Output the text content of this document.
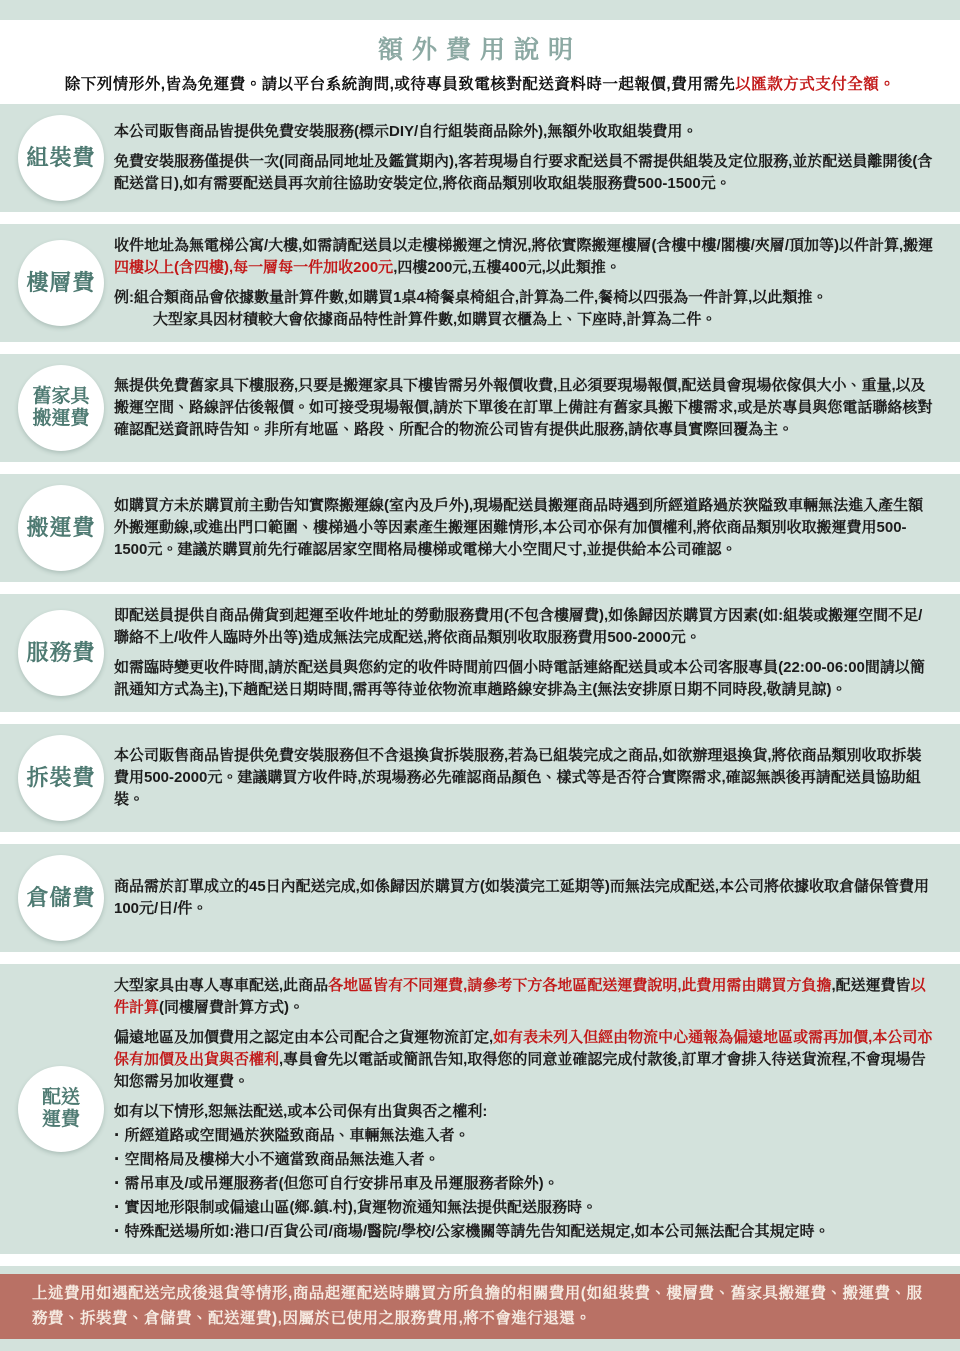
額外費用說明
除下列情形外,皆為免運費。請以平台系統詢問,或待專員致電核對配送資料時一起報價,費用需先以匯款方式支付全額。
組裝費

本公司販售商品皆提供免費安裝服務(標示DIY/自行組裝商品除外),無額外收取組裝費用。

免費安裝服務僅提供一次(同商品同地址及鑑賞期內),客若現場自行要求配送員不需提供組裝及定位服務,並於配送員離開後(含配送當日),如有需要配送員再次前往協助安裝定位,將依商品類別收取組裝服務費500-1500元。

樓層費

收件地址為無電梯公寓/大樓,如需請配送員以走樓梯搬運之情況,將依實際搬運樓層(含樓中樓/閣樓/夾層/頂加等)以件計算,搬運四樓以上(含四樓),每一層每一件加收200元,四樓200元,五樓400元,以此類推。

例:組合類商品會依據數量計算件數,如購買1桌4椅餐桌椅組合,計算為二件,餐椅以四張為一件計算,以此類推。

大型家具因材積較大會依據商品特性計算件數,如購買衣櫃為上、下座時,計算為二件。

舊家具
搬運費

無提供免費舊家具下樓服務,只要是搬運家具下樓皆需另外報價收費,且必須要現場報價,配送員會現場依傢俱大小、重量,以及搬運空間、路線評估後報價。如可接受現場報價,請於下單後在訂單上備註有舊家具搬下樓需求,或是於專員與您電話聯絡核對確認配送資訊時告知。非所有地區、路段、所配合的物流公司皆有提供此服務,請依專員實際回覆為主。

搬運費

如購買方未於購買前主動告知實際搬運線(室內及戶外),現場配送員搬運商品時遇到所經道路過於狹隘致車輛無法進入產生額外搬運動線,或進出門口範圍、樓梯過小等因素產生搬運困難情形,本公司亦保有加價權利,將依商品類別收取搬運費用500-1500元。建議於購買前先行確認居家空間格局樓梯或電梯大小空間尺寸,並提供給本公司確認。

服務費

即配送員提供自商品備貨到起運至收件地址的勞動服務費用(不包含樓層費),如係歸因於購買方因素(如:組裝或搬運空間不足/聯絡不上/收件人臨時外出等)造成無法完成配送,將依商品類別收取服務費用500-2000元。

如需臨時變更收件時間,請於配送員與您約定的收件時間前四個小時電話連絡配送員或本公司客服專員(22:00-06:00間請以簡訊通知方式為主),下趟配送日期時間,需再等待並依物流車趟路線安排為主(無法安排原日期不同時段,敬請見諒)。

拆裝費

本公司販售商品皆提供免費安裝服務但不含退換貨拆裝服務,若為已組裝完成之商品,如欲辦理退換貨,將依商品類別收取拆裝費用500-2000元。建議購買方收件時,於現場務必先確認商品顏色、樣式等是否符合實際需求,確認無誤後再請配送員協助組裝。

倉儲費 商品需於訂單成立的45日內配送完成,如係歸因於購買方(如裝潢完工延期等)而無法完成配送,本公司將依據收取倉儲保管費用100元/日/件。

配送
運費

大型家具由專人專車配送,此商品各地區皆有不同運費,請參考下方各地區配送運費說明,此費用需由購買方負擔,配送運費皆以件計算(同樓層費計算方式)。

偏遠地區及加價費用之認定由本公司配合之貨運物流訂定,如有表未列入但經由物流中心通報為偏遠地區或需再加價,本公司亦保有加價及出貨與否權利,專員會先以電話或簡訊告知,取得您的同意並確認完成付款後,訂單才會排入待送貨流程,不會現場告知您需另加收運費。

如有以下情形,恕無法配送,或本公司保有出貨與否之權利:

‧ 所經道路或空間過於狹隘致商品、車輛無法進入者。

‧ 空間格局及樓梯大小不適當致商品無法進入者。

‧ 需吊車及/或吊運服務者(但您可自行安排吊車及吊運服務者除外)。

‧ 實因地形限制或偏遠山區(鄉.鎮.村),貨運物流通知無法提供配送服務時。

‧ 特殊配送場所如:港口/百貨公司/商場/醫院/學校/公家機關等請先告知配送規定,如本公司無法配合其規定時。

上述費用如遇配送完成後退貨等情形,商品起運配送時購買方所負擔的相關費用(如組裝費、樓層費、舊家具搬運費、搬運費、服務費、拆裝費、倉儲費、配送運費),因屬於已使用之服務費用,將不會進行退還。
